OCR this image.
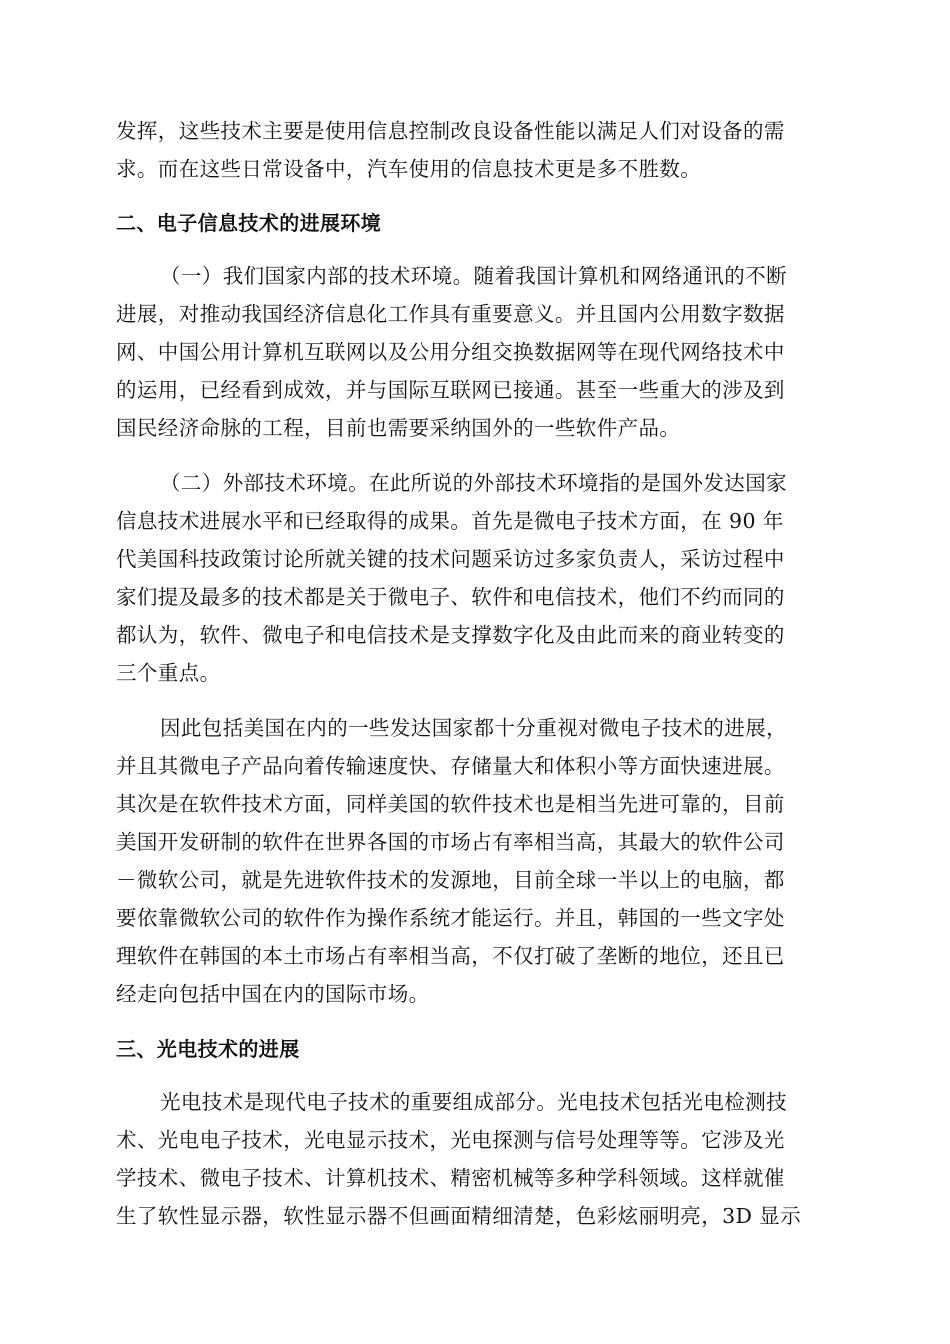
发挥，这些技术主要是使用信息控制改良设备性能以满足人们对设备的需
求。而在这些日常设备中，汽车使用的信息技术更是多不胜数。
二、电子信息技术的进展环境
（一）我们国家内部的技术环境。随着我国计算机和网络通讯的不断
进展，对推动我国经济信息化工作具有重要意义。并且国内公用数字数据
网、中国公用计算机互联网以及公用分组交换数据网等在现代网络技术中
的运用，已经看到成效，并与国际互联网已接通。甚至一些重大的涉及到
国民经济命脉的工程，目前也需要采纳国外的一些软件产品。
（二）外部技术环境。在此所说的外部技术环境指的是国外发达国家
信息技术进展水平和已经取得的成果。首先是微电子技术方面，在 90 年
代美国科技政策讨论所就关键的技术问题采访过多家负责人，采访过程中
家们提及最多的技术都是关于微电子、软件和电信技术，他们不约而同的
都认为，软件、微电子和电信技术是支撑数字化及由此而来的商业转变的
三个重点。
因此包括美国在内的一些发达国家都十分重视对微电子技术的进展，
并且其微电子产品向着传输速度快、存储量大和体积小等方面快速进展。
其次是在软件技术方面，同样美国的软件技术也是相当先进可靠的，目前
美国开发研制的软件在世界各国的市场占有率相当高，其最大的软件公司
－微软公司，就是先进软件技术的发源地，目前全球一半以上的电脑，都
要依靠微软公司的软件作为操作系统才能运行。并且，韩国的一些文字处
理软件在韩国的本土市场占有率相当高，不仅打破了垄断的地位，还且已
经走向包括中国在内的国际市场。
三、光电技术的进展
光电技术是现代电子技术的重要组成部分。光电技术包括光电检测技
术、光电电子技术，光电显示技术，光电探测与信号处理等等。它涉及光
学技术、微电子技术、计算机技术、精密机械等多种学科领域。这样就催
生了软性显示器，软性显示器不但画面精细清楚，色彩炫丽明亮，3D 显示
